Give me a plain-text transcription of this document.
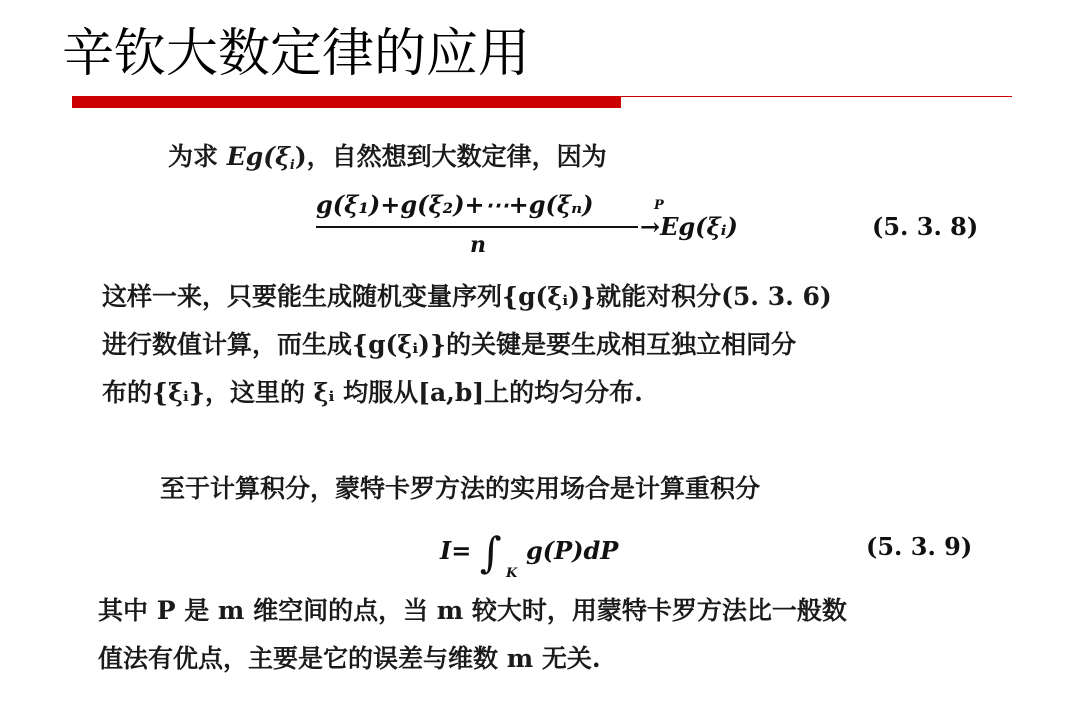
辛钦大数定律的应用
为求 $Eg(\xi_i)$，自然想到大数定律，因为
g(ξ₁)+g(ξ₂)+⋯+g(ξₙ)
n
P
→Eg(ξᵢ)	(5. 3. 8)
这样一来，只要能生成随机变量序列{g(ξᵢ)}就能对积分(5. 3. 6)
进行数值计算，而生成{g(ξᵢ)}的关键是要生成相互独立相同分
布的{ξᵢ}，这里的 ξᵢ 均服从[a,b]上的均匀分布.
至于计算积分，蒙特卡罗方法的实用场合是计算重积分
I= ∫ g(P)dP
K
(5. 3. 9)
其中 P 是 m 维空间的点，当 m 较大时，用蒙特卡罗方法比一般数
值法有优点，主要是它的误差与维数 m 无关.
